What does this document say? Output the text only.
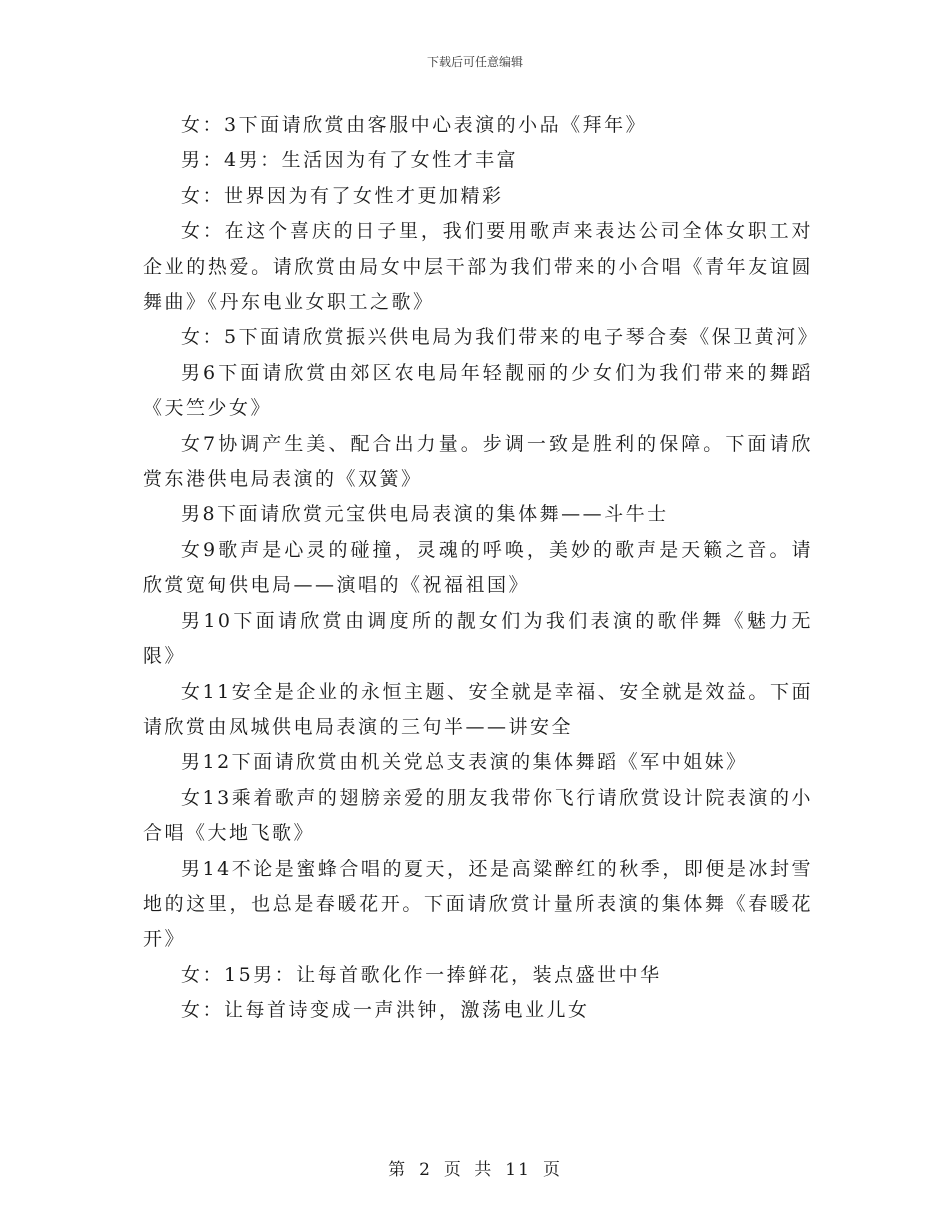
下载后可任意编辑

女：3下面请欣赏由客服中心表演的小品《拜年》

男：4男：生活因为有了女性才丰富

女：世界因为有了女性才更加精彩

女：在这个喜庆的日子里，我们要用歌声来表达公司全体女职工对企业的热爱。请欣赏由局女中层干部为我们带来的小合唱《青年友谊圆舞曲》《丹东电业女职工之歌》

女：5下面请欣赏振兴供电局为我们带来的电子琴合奏《保卫黄河》

男6下面请欣赏由郊区农电局年轻靓丽的少女们为我们带来的舞蹈《天竺少女》

女7协调产生美、配合出力量。步调一致是胜利的保障。下面请欣赏东港供电局表演的《双簧》

男8下面请欣赏元宝供电局表演的集体舞——斗牛士

女9歌声是心灵的碰撞，灵魂的呼唤，美妙的歌声是天籁之音。请欣赏宽甸供电局——演唱的《祝福祖国》

男10下面请欣赏由调度所的靓女们为我们表演的歌伴舞《魅力无限》

女11安全是企业的永恒主题、安全就是幸福、安全就是效益。下面请欣赏由凤城供电局表演的三句半——讲安全

男12下面请欣赏由机关党总支表演的集体舞蹈《军中姐妹》

女13乘着歌声的翅膀亲爱的朋友我带你飞行请欣赏设计院表演的小合唱《大地飞歌》

男14不论是蜜蜂合唱的夏天，还是高粱醉红的秋季，即便是冰封雪地的这里，也总是春暖花开。下面请欣赏计量所表演的集体舞《春暖花开》

女：15男：让每首歌化作一捧鲜花，装点盛世中华

女：让每首诗变成一声洪钟，激荡电业儿女

第 2 页 共 11 页
